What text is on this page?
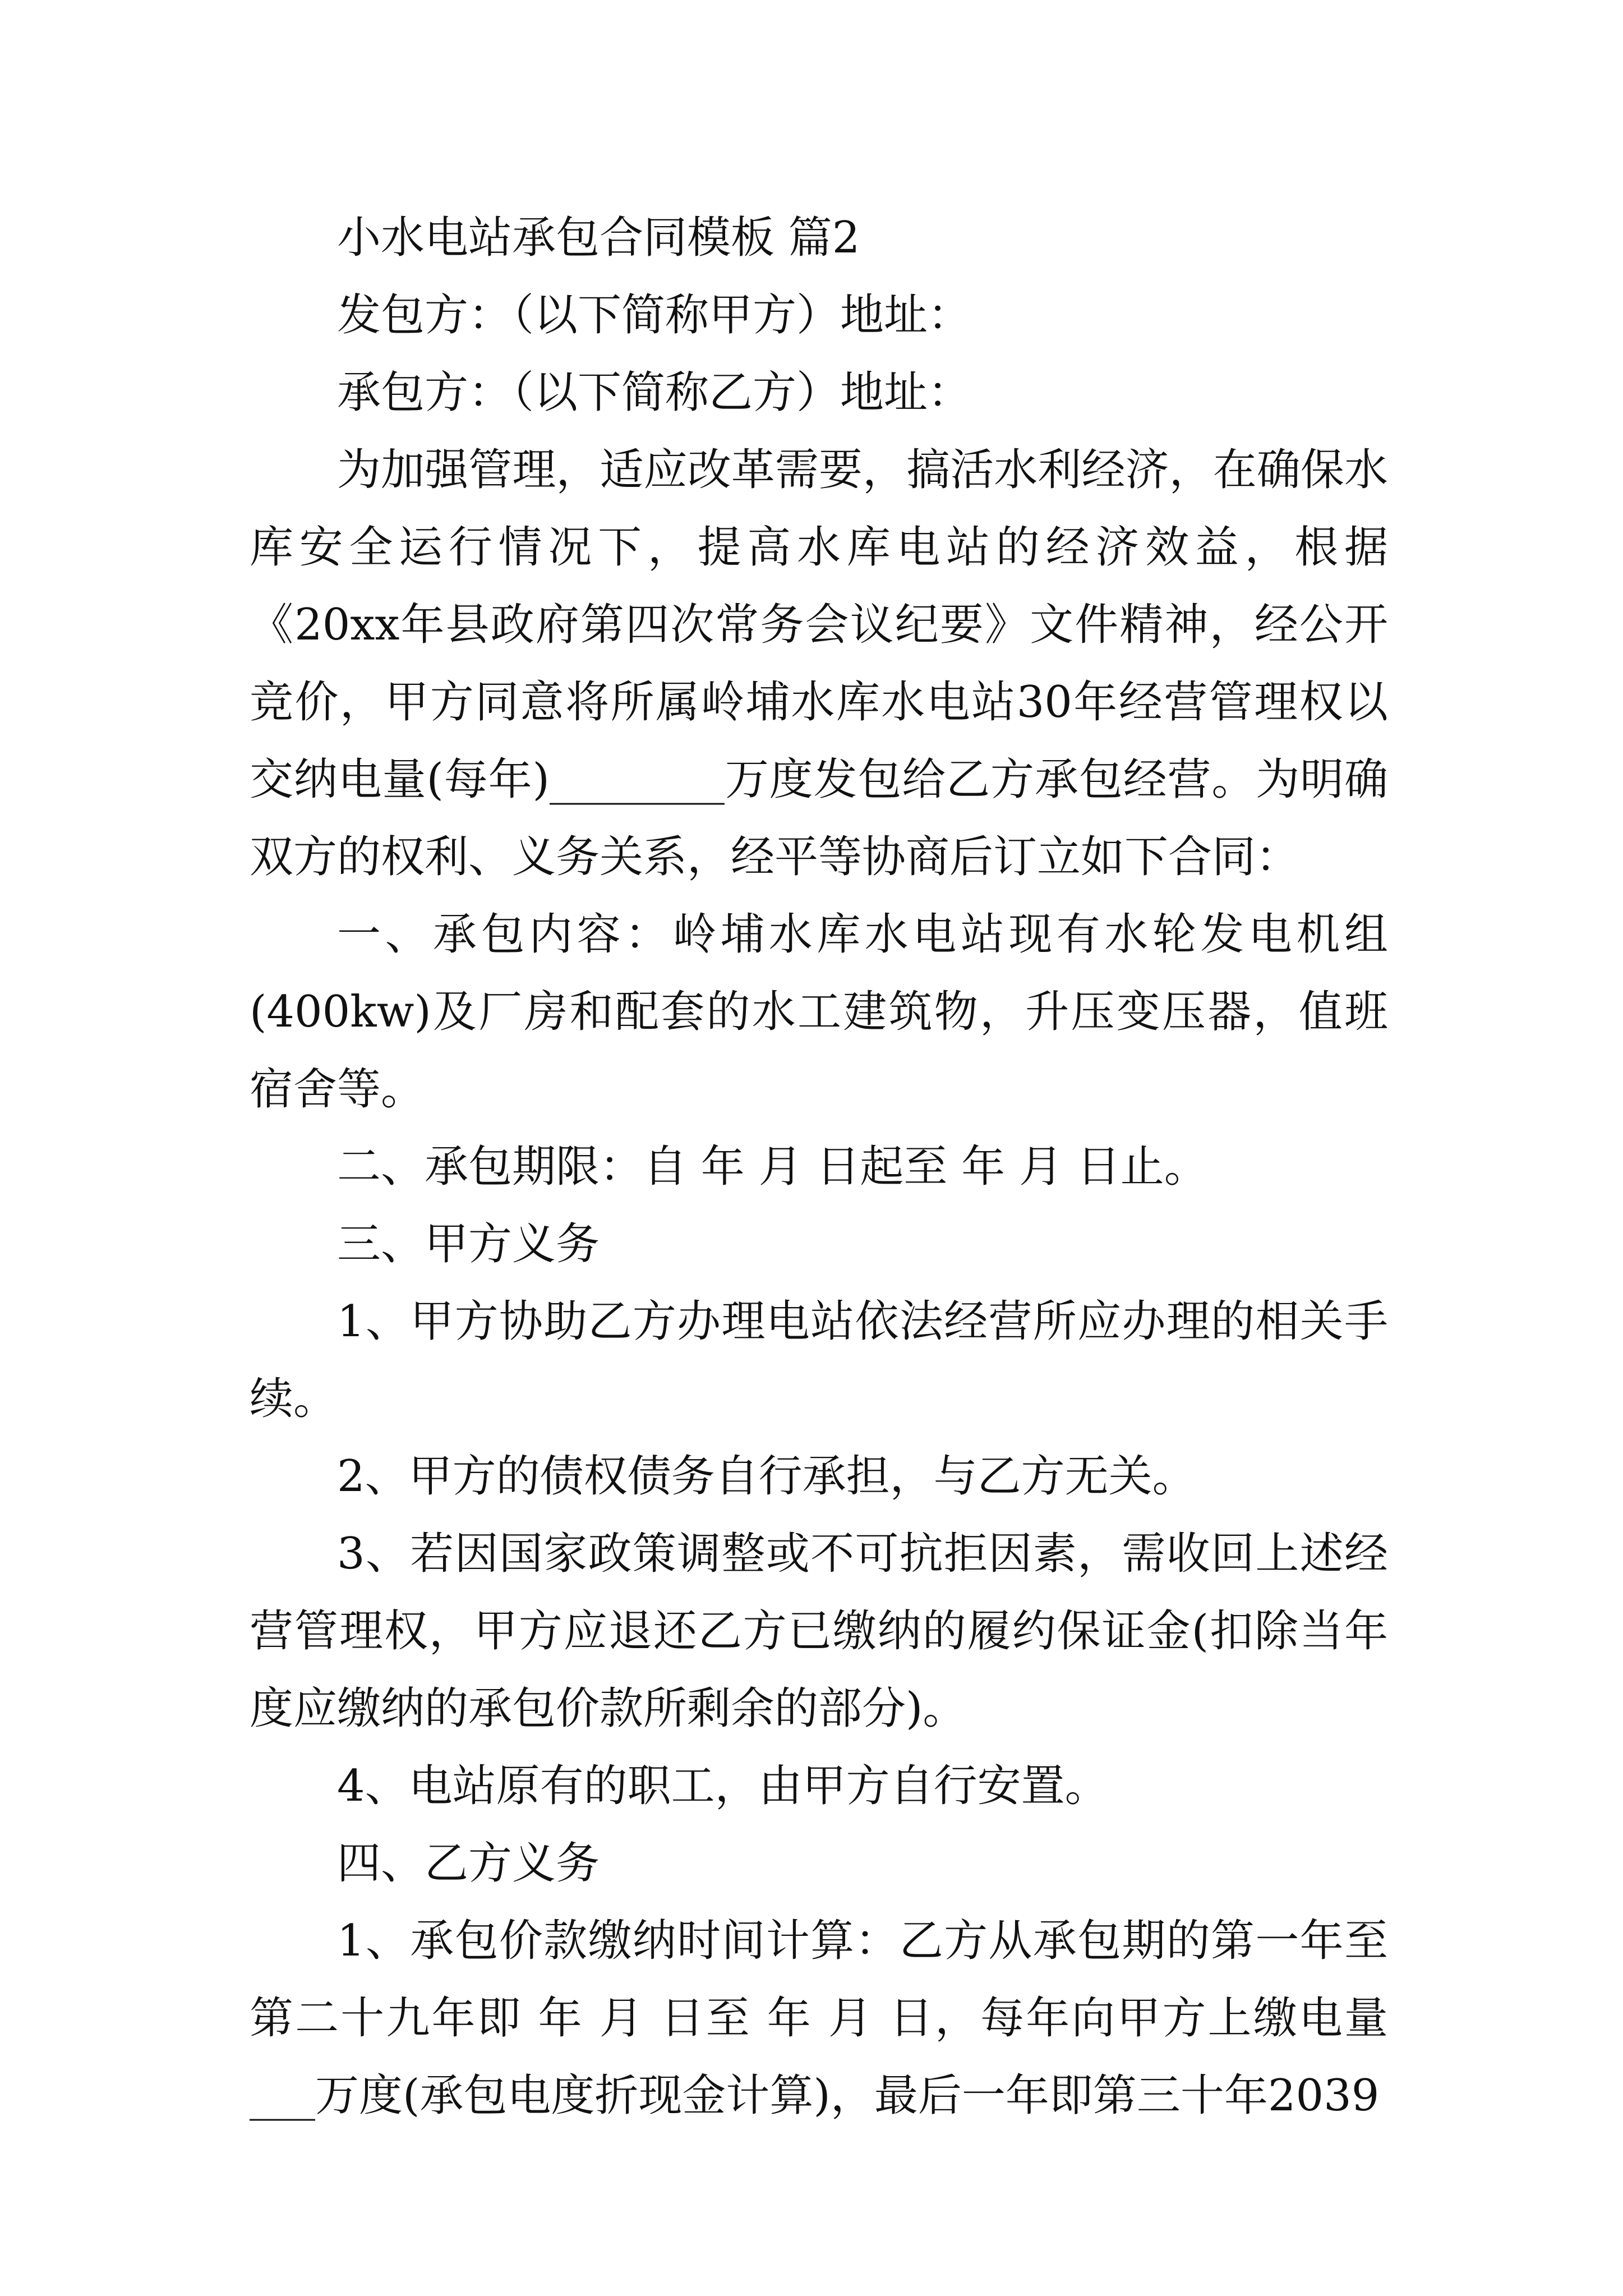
小水电站承包合同模板 篇2

发包方：（以下简称甲方）地址：

承包方：（以下简称乙方）地址：

为加强管理，适应改革需要，搞活水利经济，在确保水库安全运行情况下，提高水库电站的经济效益，根据《20xx年县政府第四次常务会议纪要》文件精神，经公开竞价，甲方同意将所属岭埔水库水电站30年经营管理权以交纳电量(每年)________万度发包给乙方承包经营。为明确双方的权利、义务关系，经平等协商后订立如下合同：

一、承包内容：岭埔水库水电站现有水轮发电机组(400kw)及厂房和配套的水工建筑物，升压变压器，值班宿舍等。

二、承包期限：自 年 月 日起至 年 月 日止。

三、甲方义务

1、甲方协助乙方办理电站依法经营所应办理的相关手续。

2、甲方的债权债务自行承担，与乙方无关。

3、若因国家政策调整或不可抗拒因素，需收回上述经营管理权，甲方应退还乙方已缴纳的履约保证金(扣除当年度应缴纳的承包价款所剩余的部分)。

4、电站原有的职工，由甲方自行安置。

四、乙方义务

1、承包价款缴纳时间计算：乙方从承包期的第一年至第二十九年即 年 月 日至 年 月 日，每年向甲方上缴电量___万度(承包电度折现金计算)，最后一年即第三十年2039
